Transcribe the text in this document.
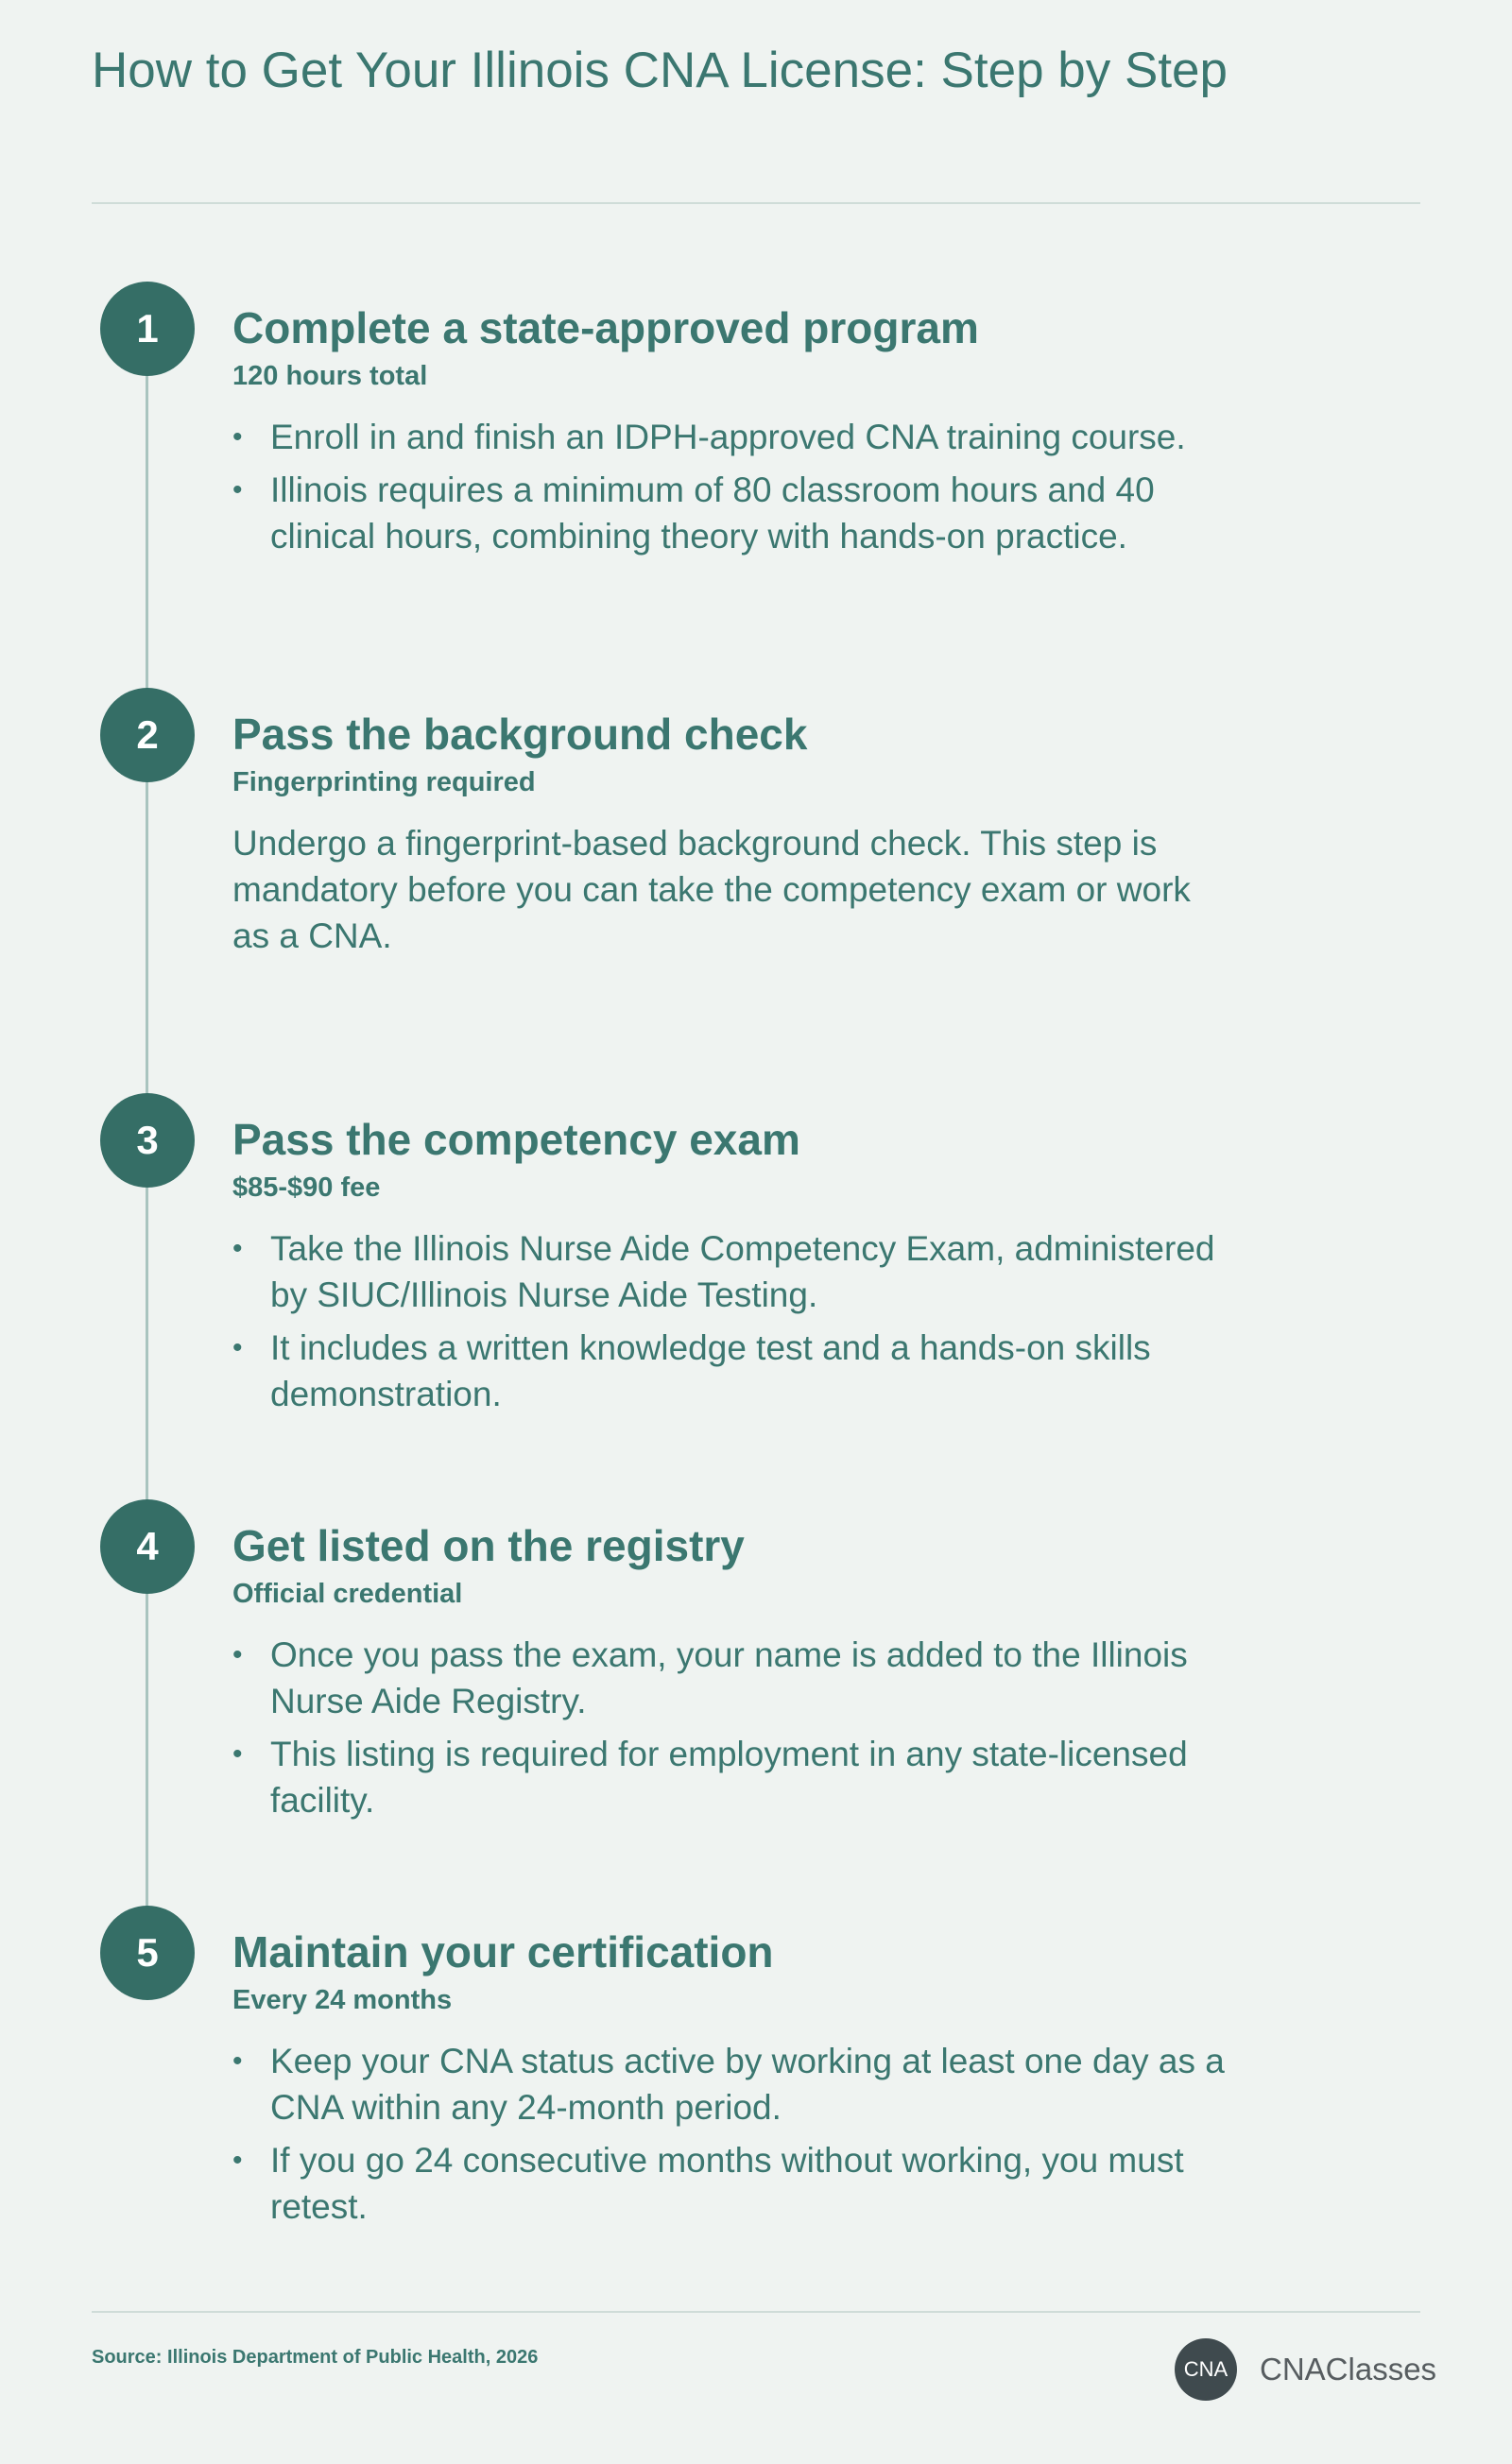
How to Get Your Illinois CNA License: Step by Step
1	Complete a state-approved program
120 hours total
• Enroll in and finish an IDPH-approved CNA training course.
• Illinois requires a minimum of 80 classroom hours and 40 clinical hours, combining theory with hands-on practice.
2	Pass the background check
Fingerprinting required

Undergo a fingerprint-based background check. This step is mandatory before you can take the competency exam or work as a CNA.

3	Pass the competency exam
$85-$90 fee
• Take the Illinois Nurse Aide Competency Exam, administered by SIUC/Illinois Nurse Aide Testing.
• It includes a written knowledge test and a hands-on skills demonstration.
4	Get listed on the registry
Official credential
• Once you pass the exam, your name is added to the Illinois Nurse Aide Registry.
• This listing is required for employment in any state-licensed facility.
5	Maintain your certification
Every 24 months
• Keep your CNA status active by working at least one day as a CNA within any 24-month period.
• If you go 24 consecutive months without working, you must retest.
Source: Illinois Department of Public Health, 2026	CNA CNAClasses
